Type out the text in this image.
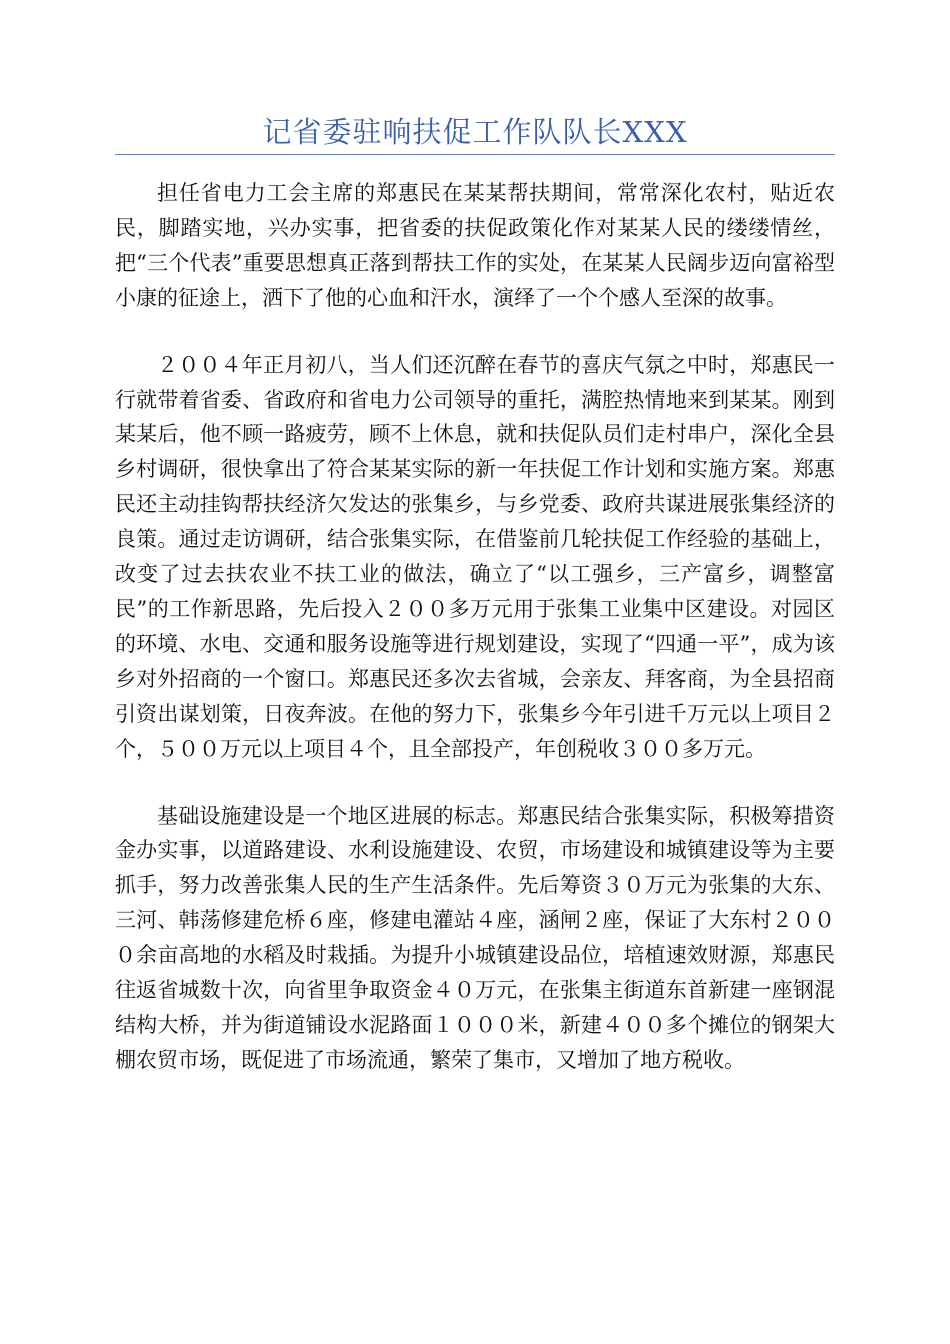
记省委驻响扶促工作队队长XXX

担任省电力工会主席的郑惠民在某某帮扶期间，常常深化农村，贴近农民，脚踏实地，兴办实事，把省委的扶促政策化作对某某人民的缕缕情丝，把“三个代表”重要思想真正落到帮扶工作的实处，在某某人民阔步迈向富裕型小康的征途上，洒下了他的心血和汗水，演绎了一个个感人至深的故事。

２００４年正月初八，当人们还沉醉在春节的喜庆气氛之中时，郑惠民一行就带着省委、省政府和省电力公司领导的重托，满腔热情地来到某某。刚到某某后，他不顾一路疲劳，顾不上休息，就和扶促队员们走村串户，深化全县乡村调研，很快拿出了符合某某实际的新一年扶促工作计划和实施方案。郑惠民还主动挂钩帮扶经济欠发达的张集乡，与乡党委、政府共谋进展张集经济的良策。通过走访调研，结合张集实际，在借鉴前几轮扶促工作经验的基础上，改变了过去扶农业不扶工业的做法，确立了“以工强乡，三产富乡，调整富民”的工作新思路，先后投入２００多万元用于张集工业集中区建设。对园区的环境、水电、交通和服务设施等进行规划建设，实现了“四通一平”，成为该乡对外招商的一个窗口。郑惠民还多次去省城，会亲友、拜客商，为全县招商引资出谋划策，日夜奔波。在他的努力下，张集乡今年引进千万元以上项目２个，５００万元以上项目４个，且全部投产，年创税收３００多万元。

基础设施建设是一个地区进展的标志。郑惠民结合张集实际，积极筹措资金办实事，以道路建设、水利设施建设、农贸，市场建设和城镇建设等为主要抓手，努力改善张集人民的生产生活条件。先后筹资３０万元为张集的大东、三河、韩荡修建危桥６座，修建电灌站４座，涵闸２座，保证了大东村２０００余亩高地的水稻及时栽插。为提升小城镇建设品位，培植速效财源，郑惠民往返省城数十次，向省里争取资金４０万元，在张集主街道东首新建一座钢混结构大桥，并为街道铺设水泥路面１０００米，新建４００多个摊位的钢架大棚农贸市场，既促进了市场流通，繁荣了集市，又增加了地方税收。
